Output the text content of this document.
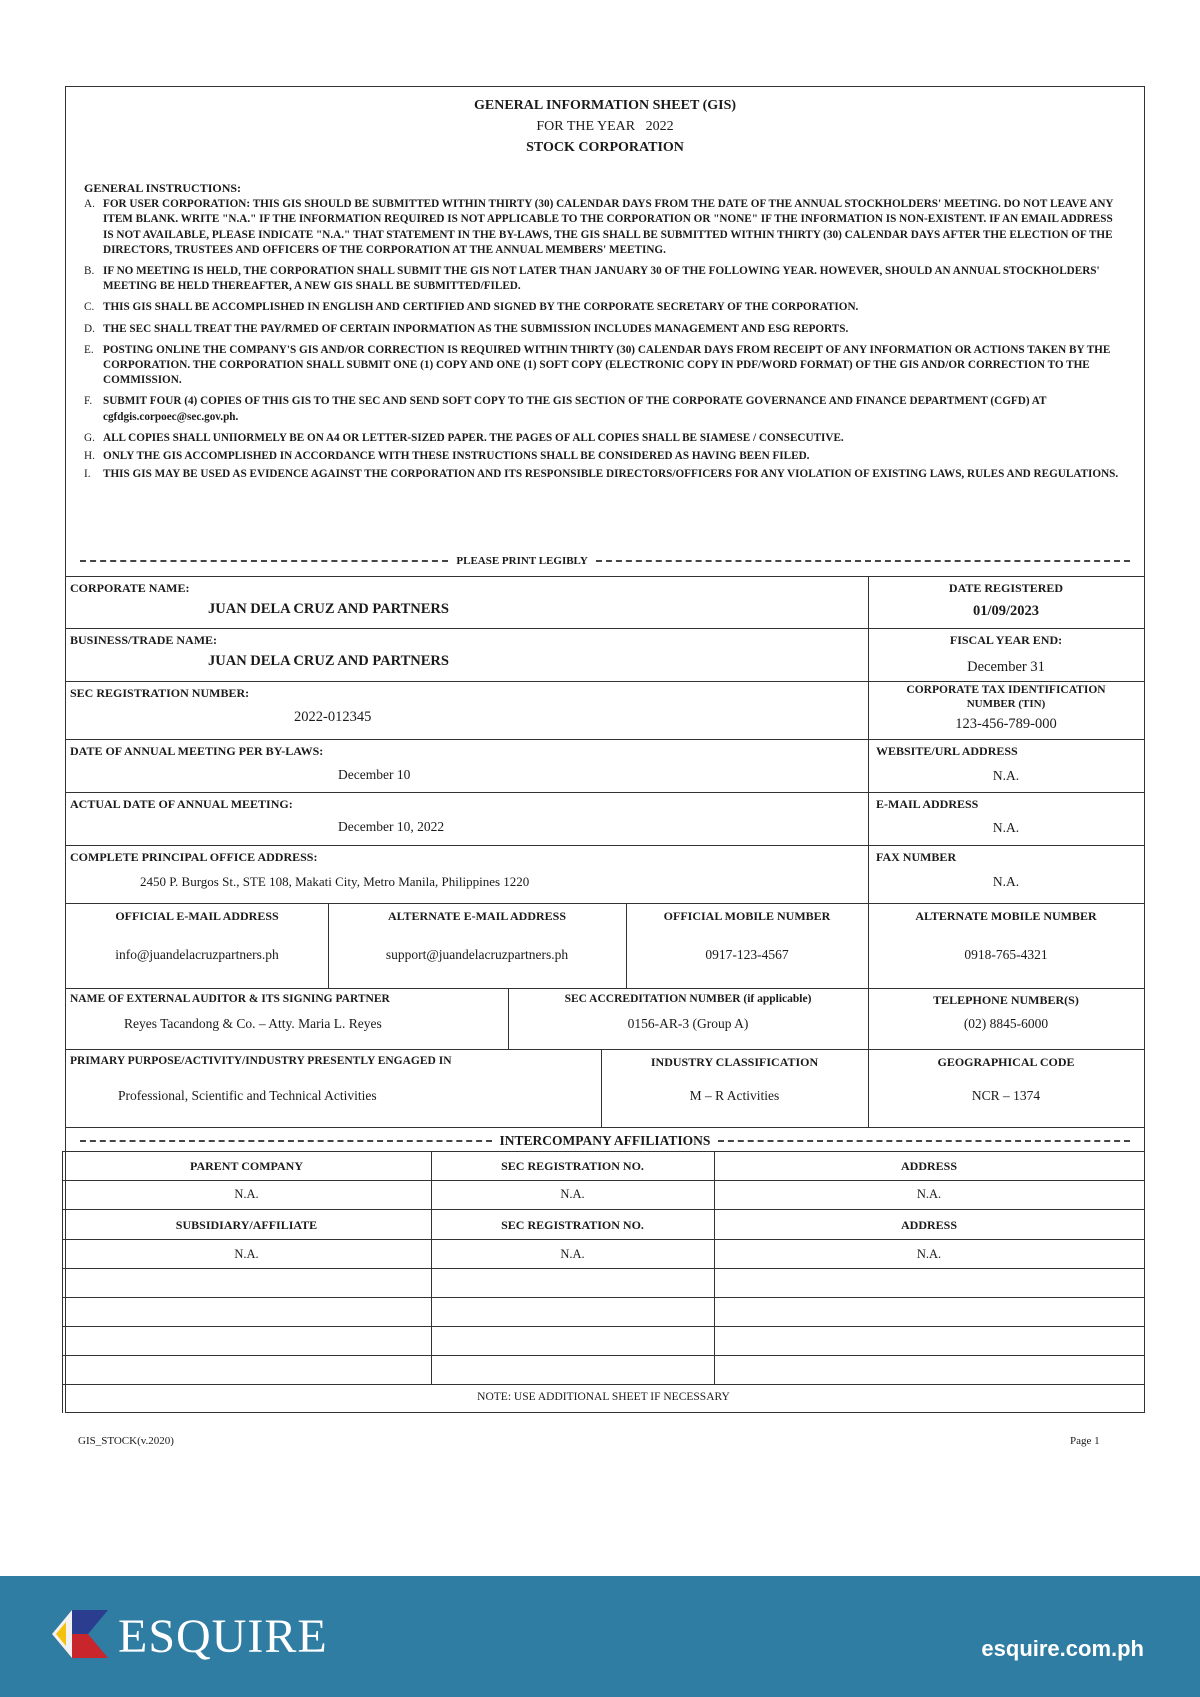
GENERAL INFORMATION SHEET (GIS)
FOR THE YEAR   2022
STOCK CORPORATION
GENERAL INSTRUCTIONS:
A. FOR USER CORPORATION: THIS GIS SHOULD BE SUBMITTED WITHIN THIRTY (30) CALENDAR DAYS FROM THE DATE OF THE ANNUAL STOCKHOLDERS' MEETING. DO NOT LEAVE ANY ITEM BLANK. WRITE "N.A." IF THE INFORMATION REQUIRED IS NOT APPLICABLE TO THE CORPORATION OR "NONE" IF THE INFORMATION IS NON-EXISTENT. IF AN EMAIL ADDRESS IS NOT AVAILABLE, PLEASE INDICATE "N.A." THAT STATEMENT IN THE BY-LAWS, THE GIS SHALL BE SUBMITTED WITHIN THIRTY (30) CALENDAR DAYS AFTER THE ELECTION OF THE DIRECTORS, TRUSTEES AND OFFICERS OF THE CORPORATION AT THE ANNUAL MEMBERS' MEETING.
B. IF NO MEETING IS HELD, THE CORPORATION SHALL SUBMIT THE GIS NOT LATER THAN JANUARY 30 OF THE FOLLOWING YEAR. HOWEVER, SHOULD AN ANNUAL STOCKHOLDERS' MEETING BE HELD THEREAFTER, A NEW GIS SHALL BE SUBMITTED/FILED.
C. THIS GIS SHALL BE ACCOMPLISHED IN ENGLISH AND CERTIFIED AND SIGNED BY THE CORPORATE SECRETARY OF THE CORPORATION.
D. THE SEC SHALL TREAT THE PAY/RMED OF CERTAIN INPORMATION AS THE SUBMISSION INCLUDES MANAGEMENT AND ESG REPORTS.
E. POSTING ONLINE THE COMPANY'S GIS AND/OR CORRECTION IS REQUIRED WITHIN THIRTY (30) CALENDAR DAYS FROM RECEIPT OF ANY INFORMATION OR ACTIONS TAKEN BY THE CORPORATION. THE CORPORATION SHALL SUBMIT ONE (1) COPY AND ONE (1) SOFT COPY (ELECTRONIC COPY IN PDF/WORD FORMAT) OF THE GIS AND/OR CORRECTION TO THE COMMISSION.
F. SUBMIT FOUR (4) COPIES OF THIS GIS TO THE SEC AND SEND SOFT COPY TO THE GIS SECTION OF THE CORPORATE GOVERNANCE AND FINANCE DEPARTMENT (CGFD) AT cgfdgis.corpoec@sec.gov.ph.
G. ALL COPIES SHALL UNIIORMELY BE ON A4 OR LETTER-SIZED PAPER. THE PAGES OF ALL COPIES SHALL BE SIAMESE / CONSECUTIVE.
H. ONLY THE GIS ACCOMPLISHED IN ACCORDANCE WITH THESE INSTRUCTIONS SHALL BE CONSIDERED AS HAVING BEEN FILED.
I.	THIS GIS MAY BE USED AS EVIDENCE AGAINST THE CORPORATION AND ITS RESPONSIBLE DIRECTORS/OFFICERS FOR ANY VIOLATION OF EXISTING LAWS, RULES AND REGULATIONS.
PLEASE PRINT LEGIBLY
CORPORATE NAME:
JUAN DELA CRUZ AND PARTNERS
DATE REGISTERED
01/09/2023
BUSINESS/TRADE NAME:
JUAN DELA CRUZ AND PARTNERS
FISCAL YEAR END:
December 31
SEC REGISTRATION NUMBER:
2022-012345
CORPORATE TAX IDENTIFICATION
NUMBER (TIN)
123-456-789-000
DATE OF ANNUAL MEETING PER BY-LAWS:
December 10
WEBSITE/URL ADDRESS
N.A.
ACTUAL DATE OF ANNUAL MEETING:
December 10, 2022
E-MAIL ADDRESS
N.A.
COMPLETE PRINCIPAL OFFICE ADDRESS:
2450 P. Burgos St., STE 108, Makati City, Metro Manila, Philippines 1220
FAX NUMBER
N.A.
OFFICIAL E-MAIL ADDRESS
info@juandelacruzpartners.ph
ALTERNATE E-MAIL ADDRESS
support@juandelacruzpartners.ph
OFFICIAL MOBILE NUMBER
0917-123-4567
ALTERNATE MOBILE NUMBER
0918-765-4321
NAME OF EXTERNAL AUDITOR & ITS SIGNING PARTNER
Reyes Tacandong & Co. – Atty. Maria L. Reyes
SEC ACCREDITATION NUMBER (if applicable)
0156-AR-3 (Group A)
TELEPHONE NUMBER(S)
(02) 8845-6000
PRIMARY PURPOSE/ACTIVITY/INDUSTRY PRESENTLY ENGAGED IN
Professional, Scientific and Technical Activities
INDUSTRY CLASSIFICATION
M – R Activities
GEOGRAPHICAL CODE
NCR – 1374
INTERCOMPANY AFFILIATIONS
PARENT COMPANY	SEC REGISTRATION NO.	ADDRESS
N.A.	N.A.	N.A.
SUBSIDIARY/AFFILIATE	SEC REGISTRATION NO.	ADDRESS
N.A.	N.A.	N.A.
NOTE: USE ADDITIONAL SHEET IF NECESSARY
GIS_STOCK(v.2020)	Page 1
ESQUIRE	esquire.com.ph
